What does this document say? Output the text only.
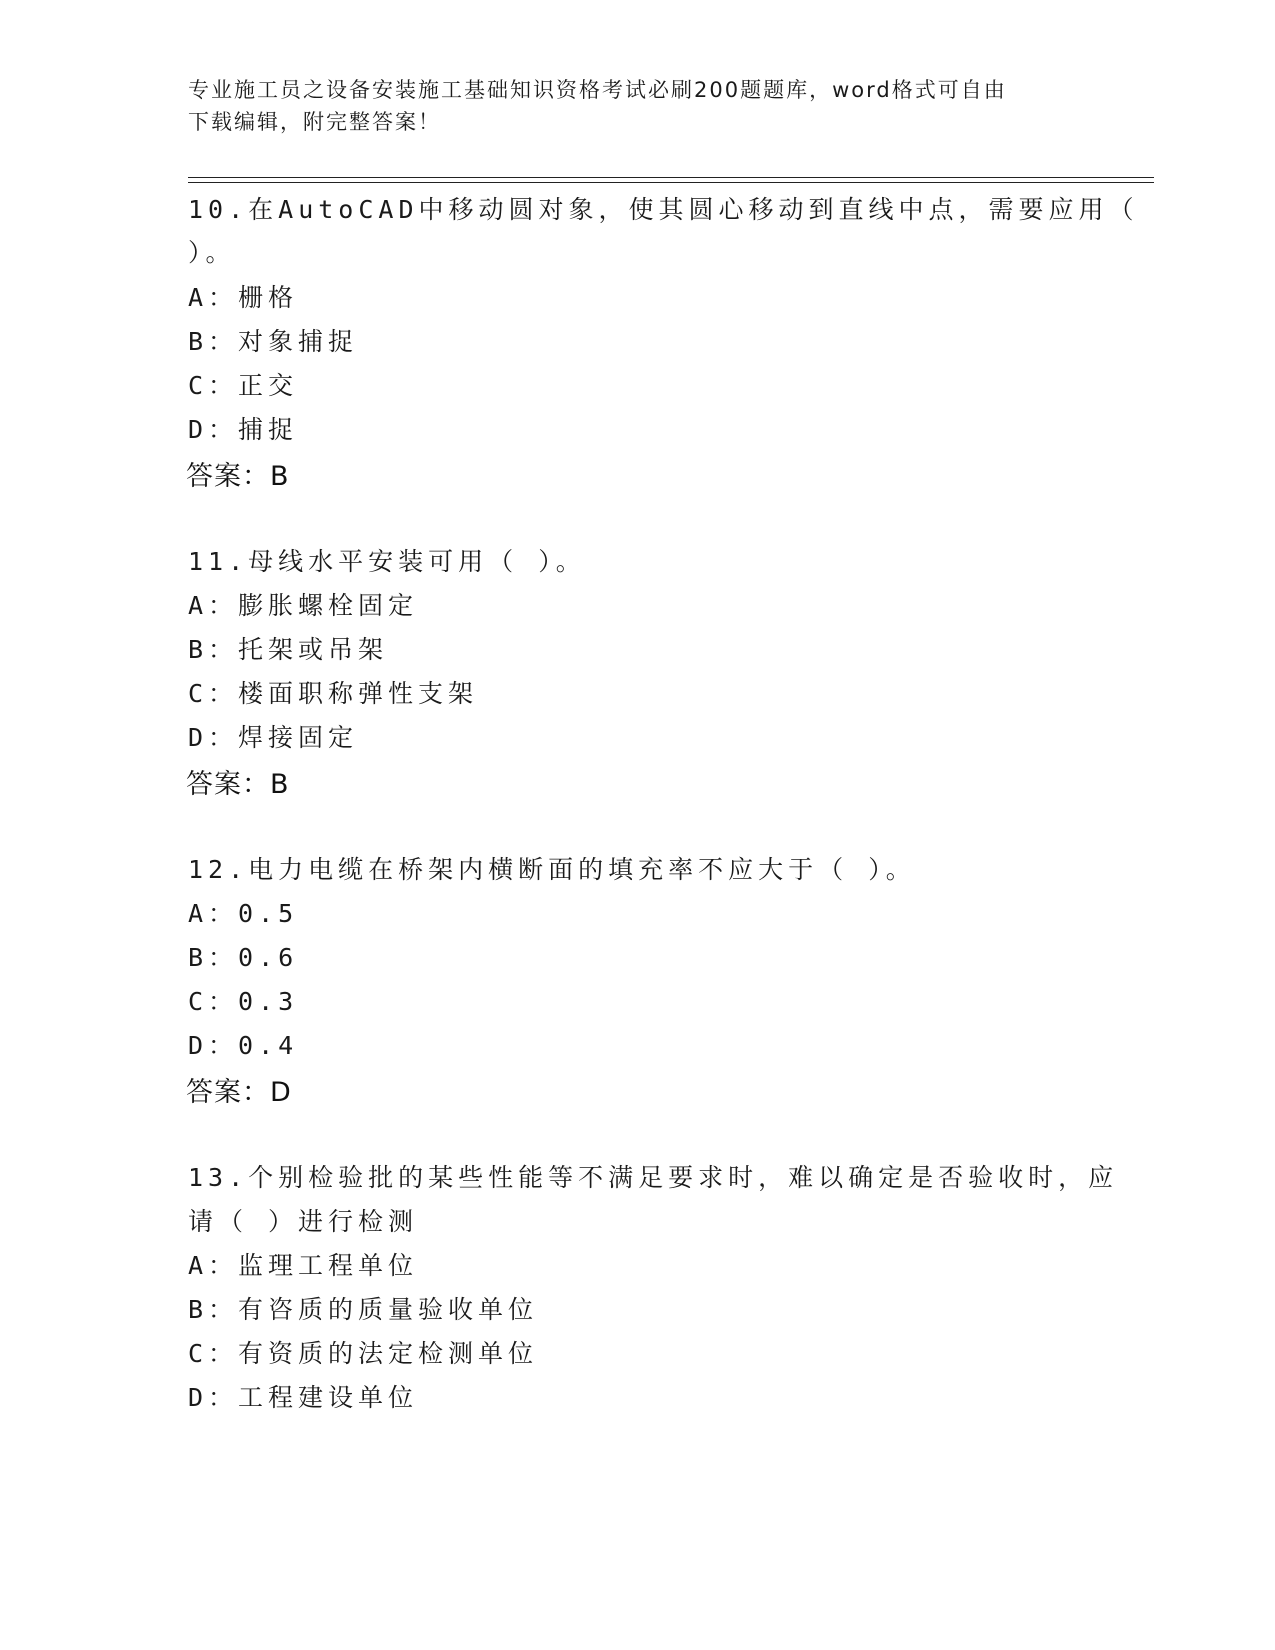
专业施工员之设备安装施工基础知识资格考试必刷200题题库，word格式可自由
下载编辑，附完整答案！
10.在AutoCAD中移动圆对象，使其圆心移动到直线中点，需要应用（
）。
A：栅格
B：对象捕捉
C：正交
D：捕捉
答案：B
11.母线水平安装可用（ ）。
A：膨胀螺栓固定
B：托架或吊架
C：楼面职称弹性支架
D：焊接固定
答案：B
12.电力电缆在桥架内横断面的填充率不应大于（ ）。
A：0.5
B：0.6
C：0.3
D：0.4
答案：D
13.个别检验批的某些性能等不满足要求时，难以确定是否验收时，应
请（ ）进行检测
A：监理工程单位
B：有咨质的质量验收单位
C：有资质的法定检测单位
D：工程建设单位
